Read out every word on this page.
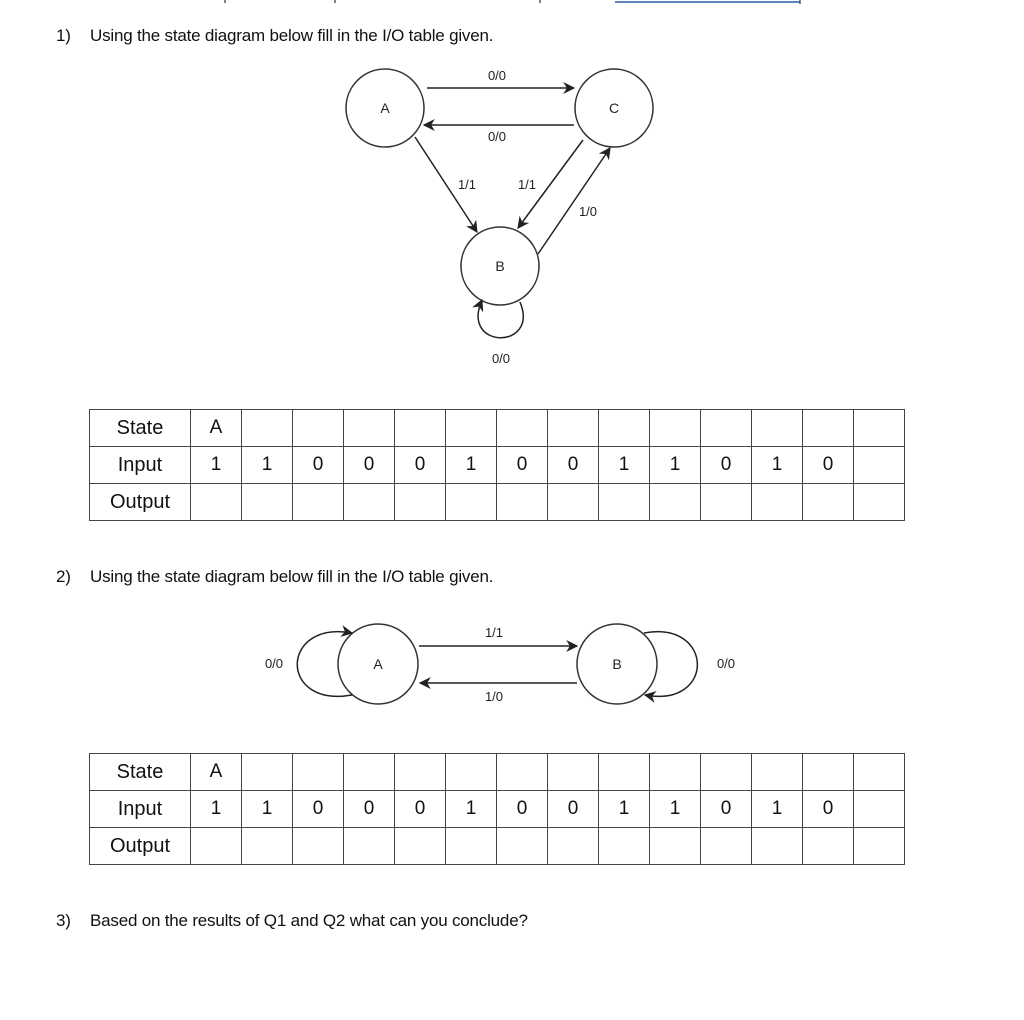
1) Using the state diagram below fill in the I/O table given.
A	C
B
0/0
0/0
1/1	1/1
1/0
0/0
State	A													
Input	1	1	0	0	0	1	0	0	1	1	0	1	0	
Output														
2) Using the state diagram below fill in the I/O table given.
A	B
1/1
1/0
0/0	0/0
State	A													
Input	1	1	0	0	0	1	0	0	1	1	0	1	0	
Output														
3) Based on the results of Q1 and Q2 what can you conclude?
